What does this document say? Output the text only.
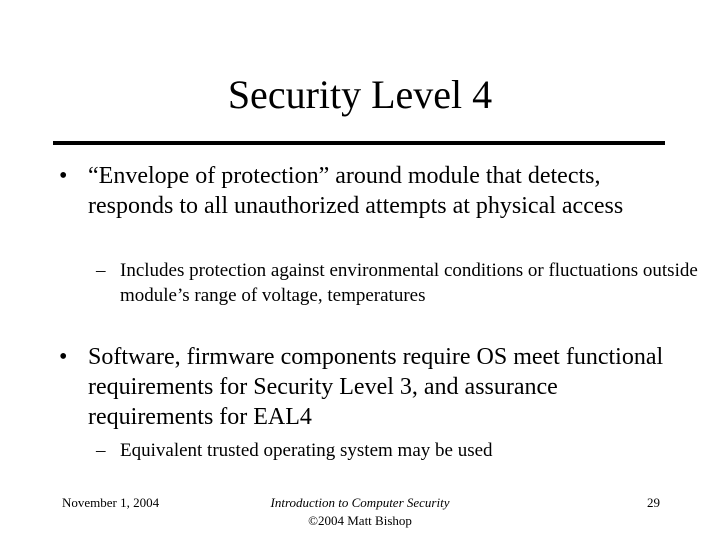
Security Level 4
• “Envelope of protection” around module that detects, responds to all unauthorized attempts at physical access
– Includes protection against environmental conditions or fluctuations outside module’s range of voltage, temperatures
• Software, firmware components require OS meet functional requirements for Security Level 3, and assurance requirements for EAL4
– Equivalent trusted operating system may be used
November 1, 2004	Introduction to Computer Security
©2004 Matt Bishop
29
